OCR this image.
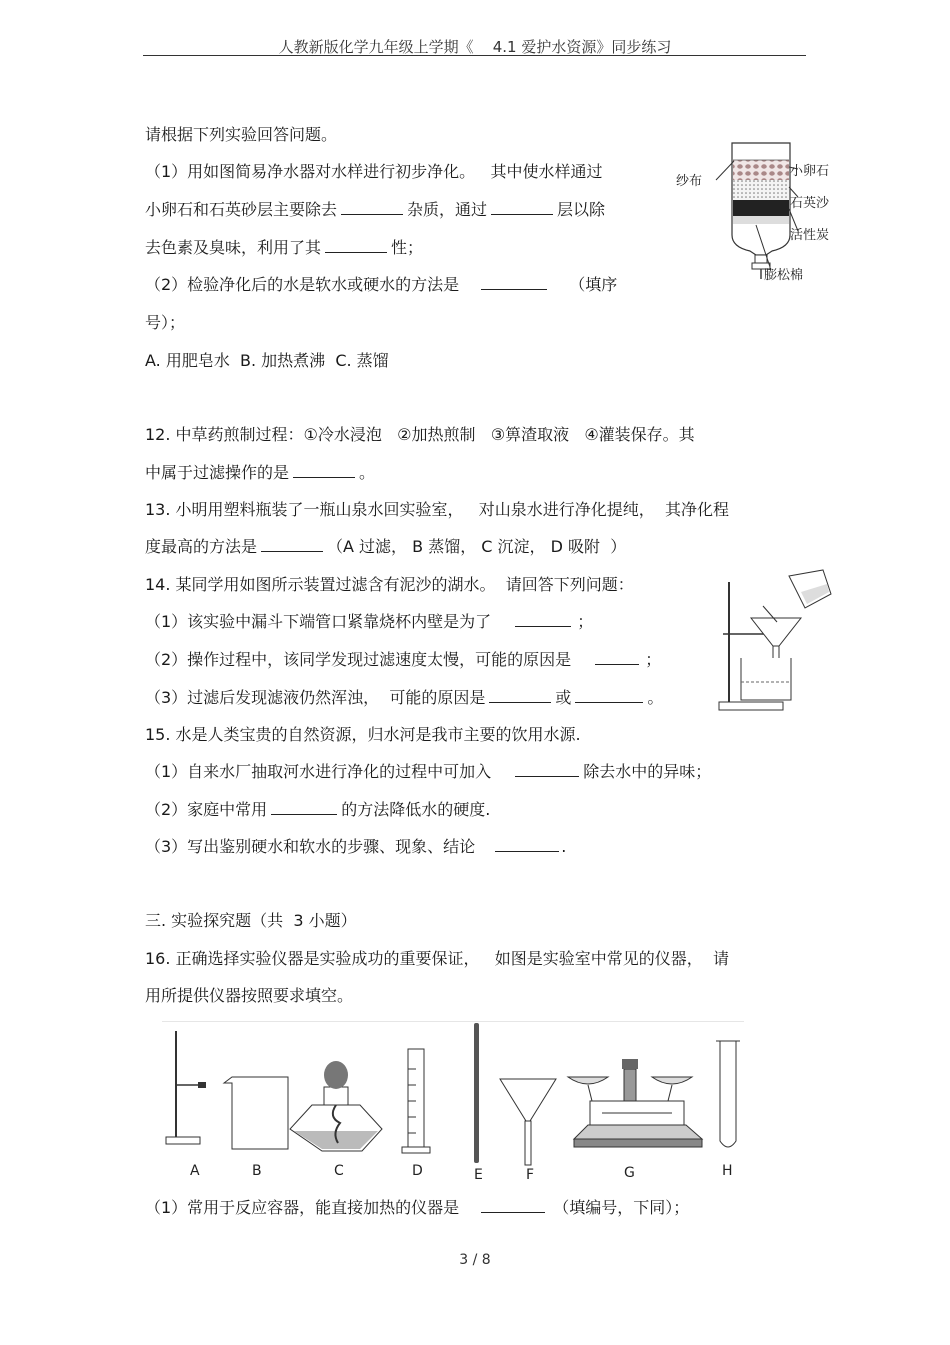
人教新版化学九年级上学期《    4.1 爱护水资源》同步练习
请根据下列实验回答问题。
（1）用如图简易净水器对水样进行初步净化。   其中使水样通过
小卵石和石英砂层主要除去	杂质，通过	层以除
去色素及臭味，利用了其	性；
（2）检验净化后的水是软水或硬水的方法是	（填序
号）；
A. 用肥皂水  B. 加热煮沸  C. 蒸馏
12. 中草药煎制过程：①冷水浸泡   ②加热煎制   ③箅渣取液   ④灌装保存。其
中属于过滤操作的是	。
13. 小明用塑料瓶装了一瓶山泉水回实验室，   对山泉水进行净化提纯，  其净化程
度最高的方法是	（A 过滤， B 蒸馏， C 沉淀， D 吸附  ）
14. 某同学用如图所示装置过滤含有泥沙的湖水。  请回答下列问题：
（1）该实验中漏斗下端管口紧靠烧杯内壁是为了	；
（2）操作过程中，该同学发现过滤速度太慢，可能的原因是	；
（3）过滤后发现滤液仍然浑浊，  可能的原因是	或	。
15. 水是人类宝贵的自然资源，归水河是我市主要的饮用水源.
（1）自来水厂抽取河水进行净化的过程中可加入	除去水中的异味；
（2）家庭中常用	的方法降低水的硬度.
（3）写出鉴别硬水和软水的步骤、现象、结论	.
三. 实验探究题（共  3 小题）
16. 正确选择实验仪器是实验成功的重要保证，   如图是实验室中常见的仪器，  请
用所提供仪器按照要求填空。
（1）常用于反应容器，能直接加热的仪器是	（填编号，下同）；
小卵石
纱布
石英沙
活性炭
膨松棉
A	B	C	D	E	F	G	H
3 / 8
